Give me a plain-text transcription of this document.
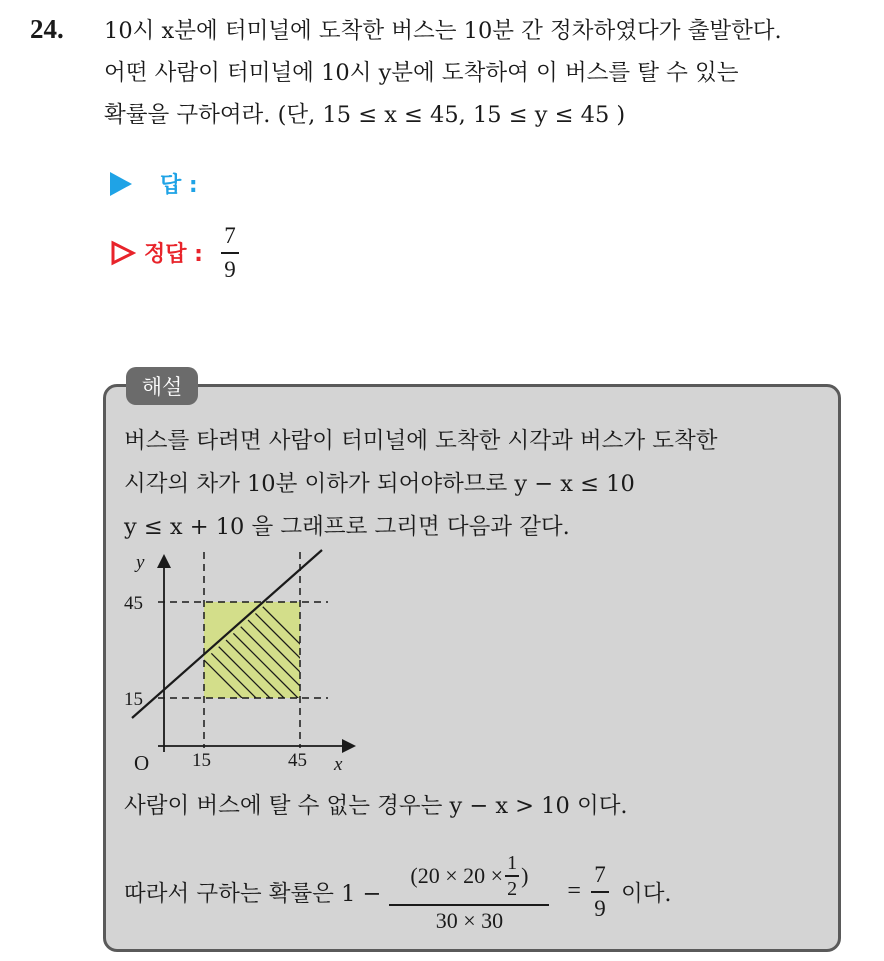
24. 10시 x분에 터미널에 도착한 버스는 10분 간 정차하였다가 출발한다.
어떤 사람이 터미널에 10시 y분에 도착하여 이 버스를 탈 수 있는
확률을 구하여라. (단, 15 ≤ x ≤ 45, 15 ≤ y ≤ 45 )
답 :
정답 : $\frac{7}{9}$
해설
버스를 타려면 사람이 터미널에 도착한 시각과 버스가 도착한
시각의 차가 10분 이하가 되어야하므로 y − x ≤ 10
y ≤ x + 10 을 그래프로 그리면 다음과 같다.
y
x
O 15	45
45
15
사람이 버스에 탈 수 없는 경우는 y − x > 10 이다.
따라서 구하는 확률은 1 −
(20 × 20 × 1
2
)
30 × 30
= $\frac{7}{9}$ 이다.
